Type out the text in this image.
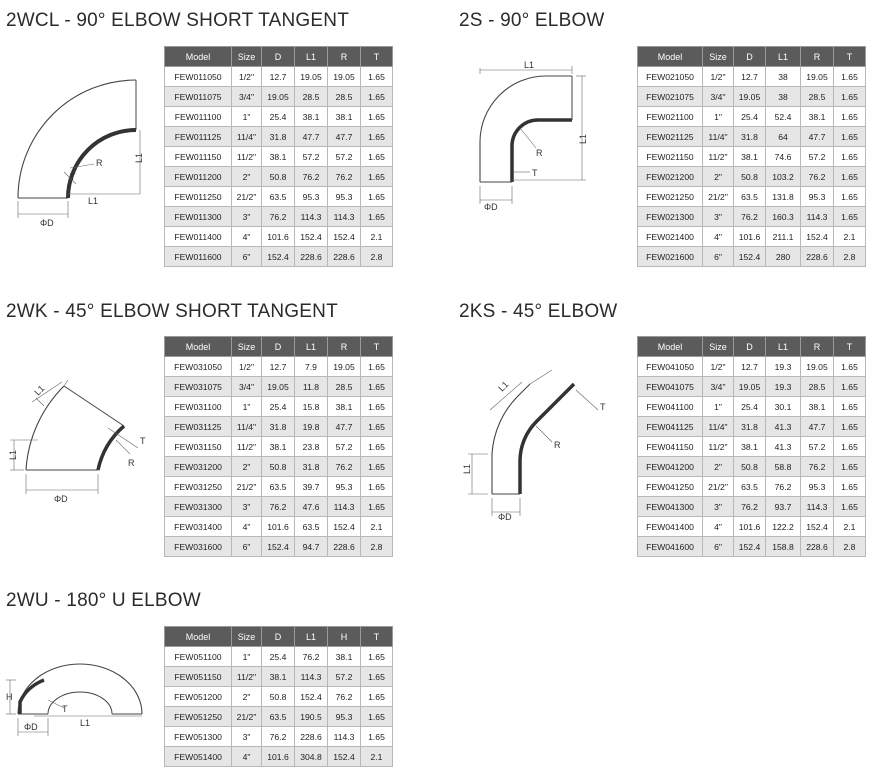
2WCL - 90° ELBOW SHORT TANGENT
ΦD
L1
L1
R
T
Model	Size	D	L1	R	T
FEW011050	1/2"	12.7	19.05	19.05	1.65
FEW011075	3/4"	19.05	28.5	28.5	1.65
FEW011100	1"	25.4	38.1	38.1	1.65
FEW011125	11/4"	31.8	47.7	47.7	1.65
FEW011150	11/2"	38.1	57.2	57.2	1.65
FEW011200	2"	50.8	76.2	76.2	1.65
FEW011250	21/2"	63.5	95.3	95.3	1.65
FEW011300	3"	76.2	114.3	114.3	1.65
FEW011400	4"	101.6	152.4	152.4	2.1
FEW011600	6"	152.4	228.6	228.6	2.8
2S - 90° ELBOW
ΦD
L1
L1
R
T
Model	Size	D	L1	R	T
FEW021050	1/2"	12.7	38	19.05	1.65
FEW021075	3/4"	19.05	38	28.5	1.65
FEW021100	1"	25.4	52.4	38.1	1.65
FEW021125	11/4"	31.8	64	47.7	1.65
FEW021150	11/2"	38.1	74.6	57.2	1.65
FEW021200	2"	50.8	103.2	76.2	1.65
FEW021250	21/2"	63.5	131.8	95.3	1.65
FEW021300	3"	76.2	160.3	114.3	1.65
FEW021400	4"	101.6	211.1	152.4	2.1
FEW021600	6"	152.4	280	228.6	2.8
2WK - 45° ELBOW SHORT TANGENT
ΦD
L1
L1
R
T
Model	Size	D	L1	R	T
FEW031050	1/2"	12.7	7.9	19.05	1.65
FEW031075	3/4"	19.05	11.8	28.5	1.65
FEW031100	1"	25.4	15.8	38.1	1.65
FEW031125	11/4"	31.8	19.8	47.7	1.65
FEW031150	11/2"	38.1	23.8	57.2	1.65
FEW031200	2"	50.8	31.8	76.2	1.65
FEW031250	21/2"	63.5	39.7	95.3	1.65
FEW031300	3"	76.2	47.6	114.3	1.65
FEW031400	4"	101.6	63.5	152.4	2.1
FEW031600	6"	152.4	94.7	228.6	2.8
2KS - 45° ELBOW
ΦD
L1
L1
R
T
Model	Size	D	L1	R	T
FEW041050	1/2"	12.7	19.3	19.05	1.65
FEW041075	3/4"	19.05	19.3	28.5	1.65
FEW041100	1"	25.4	30.1	38.1	1.65
FEW041125	11/4"	31.8	41.3	47.7	1.65
FEW041150	11/2"	38.1	41.3	57.2	1.65
FEW041200	2"	50.8	58.8	76.2	1.65
FEW041250	21/2"	63.5	76.2	95.3	1.65
FEW041300	3"	76.2	93.7	114.3	1.65
FEW041400	4"	101.6	122.2	152.4	2.1
FEW041600	6"	152.4	158.8	228.6	2.8
2WU - 180° U ELBOW
H
ΦD	L1
T
Model	Size	D	L1	H	T
FEW051100	1"	25.4	76.2	38.1	1.65
FEW051150	11/2"	38.1	114.3	57.2	1.65
FEW051200	2"	50.8	152.4	76.2	1.65
FEW051250	21/2"	63.5	190.5	95.3	1.65
FEW051300	3"	76.2	228.6	114.3	1.65
FEW051400	4"	101.6	304.8	152.4	2.1
